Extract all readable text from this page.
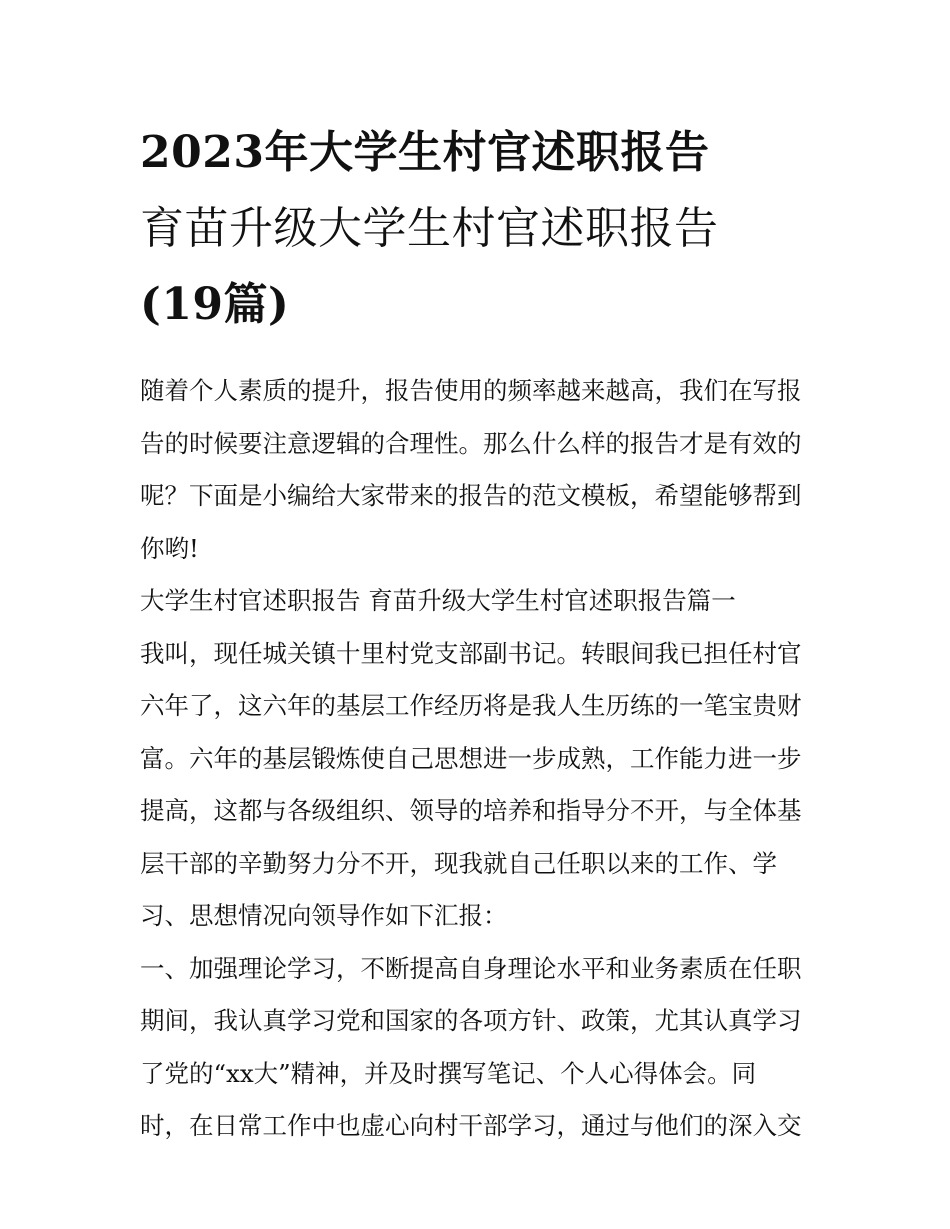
2023年大学生村官述职报告
育苗升级大学生村官述职报告
(19篇)
随着个人素质的提升，报告使用的频率越来越高，我们在写报
告的时候要注意逻辑的合理性。那么什么样的报告才是有效的
呢？下面是小编给大家带来的报告的范文模板，希望能够帮到
你哟!
大学生村官述职报告 育苗升级大学生村官述职报告篇一
我叫，现任城关镇十里村党支部副书记。转眼间我已担任村官
六年了，这六年的基层工作经历将是我人生历练的一笔宝贵财
富。六年的基层锻炼使自己思想进一步成熟，工作能力进一步
提高，这都与各级组织、领导的培养和指导分不开，与全体基
层干部的辛勤努力分不开，现我就自己任职以来的工作、学
习、思想情况向领导作如下汇报：
一、加强理论学习，不断提高自身理论水平和业务素质在任职
期间，我认真学习党和国家的各项方针、政策，尤其认真学习
了党的“xx大”精神，并及时撰写笔记、个人心得体会。同
时，在日常工作中也虚心向村干部学习，通过与他们的深入交
